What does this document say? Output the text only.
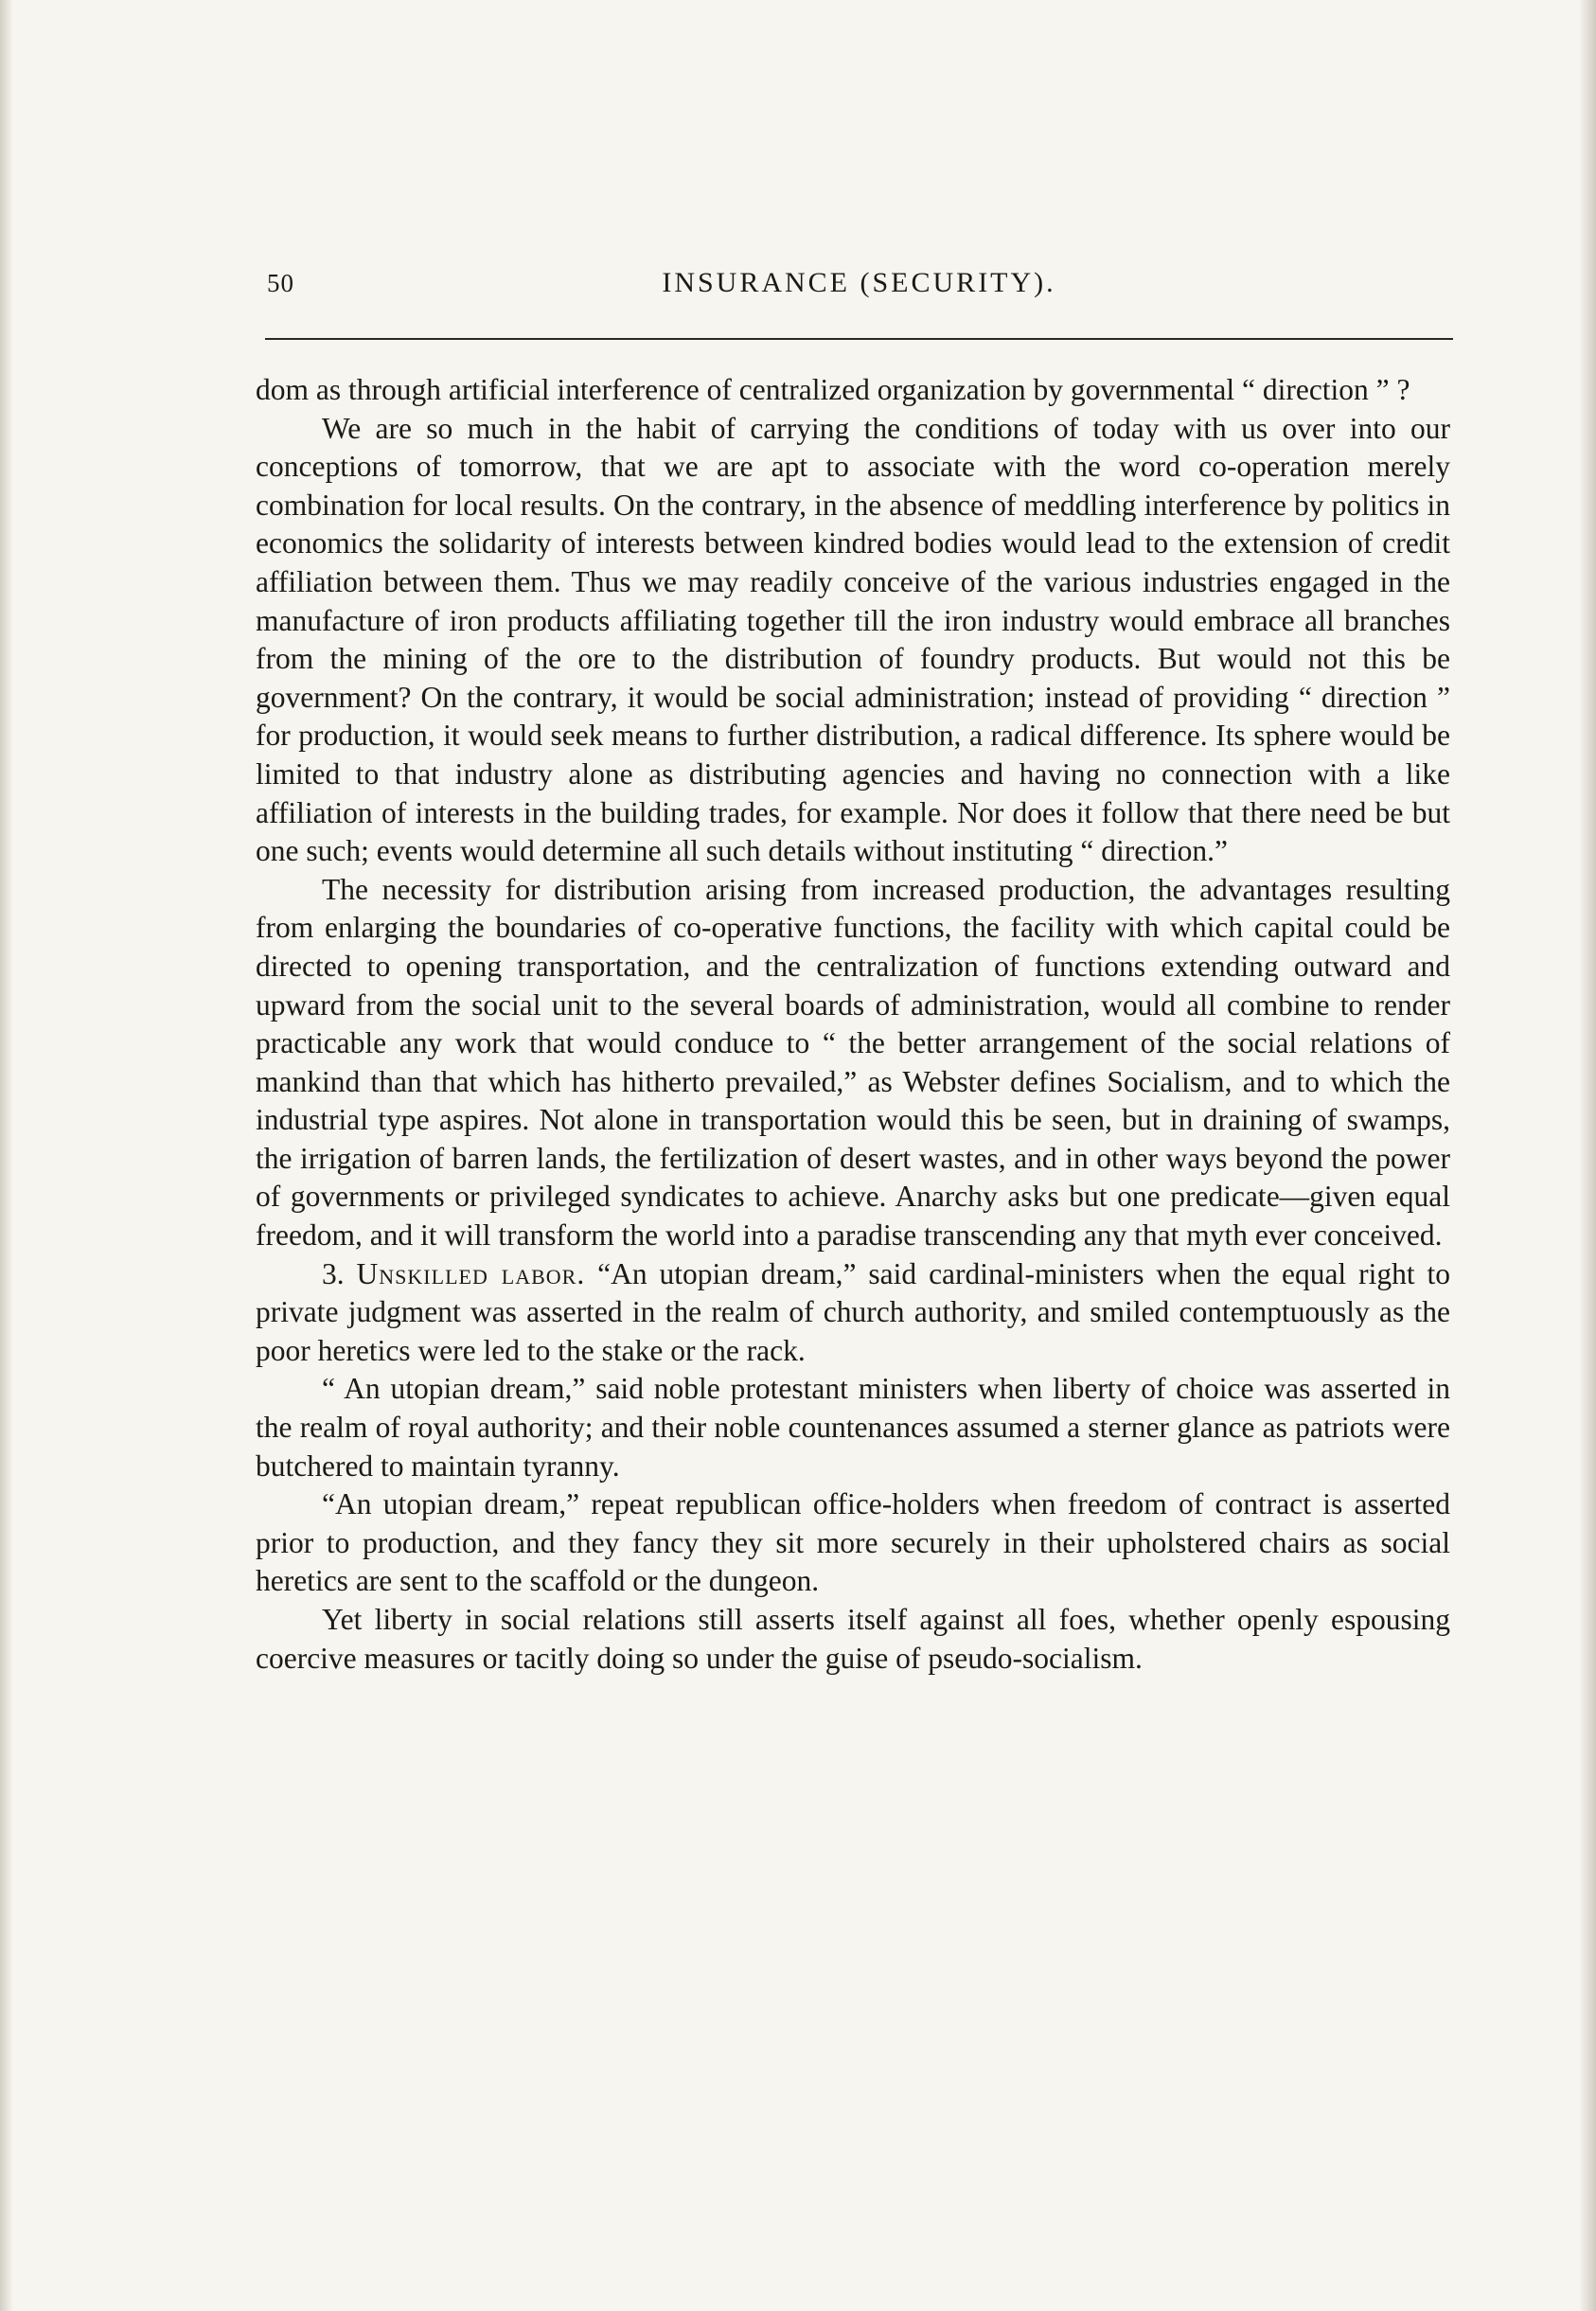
INSURANCE (SECURITY).
50

dom as through artificial interference of centralized organization by governmental “ direction ” ?

We are so much in the habit of carrying the conditions of today with us over into our conceptions of tomorrow, that we are apt to associate with the word co-operation merely combination for local results. On the contrary, in the absence of meddling interference by politics in economics the solidarity of interests between kindred bodies would lead to the extension of credit affiliation between them. Thus we may readily conceive of the various industries engaged in the manufacture of iron products affiliating together till the iron industry would embrace all branches from the mining of the ore to the distribution of foundry products. But would not this be government? On the contrary, it would be social administration; instead of providing “ direction ” for production, it would seek means to further distribution, a radical difference. Its sphere would be limited to that industry alone as distributing agencies and having no connection with a like affiliation of interests in the building trades, for example. Nor does it follow that there need be but one such; events would determine all such details without instituting “ direction.”

The necessity for distribution arising from increased production, the advantages resulting from enlarging the boundaries of co-operative functions, the facility with which capital could be directed to opening transportation, and the centralization of functions extending outward and upward from the social unit to the several boards of administration, would all combine to render practicable any work that would conduce to “ the better arrangement of the social relations of mankind than that which has hitherto prevailed,” as Webster defines Socialism, and to which the industrial type aspires. Not alone in transportation would this be seen, but in draining of swamps, the irrigation of barren lands, the fertilization of desert wastes, and in other ways beyond the power of governments or privileged syndicates to achieve. Anarchy asks but one predicate—given equal freedom, and it will transform the world into a paradise transcending any that myth ever conceived.

3. Unskilled labor. “An utopian dream,” said cardinal-ministers when the equal right to private judgment was asserted in the realm of church authority, and smiled contemptuously as the poor heretics were led to the stake or the rack.

“ An utopian dream,” said noble protestant ministers when liberty of choice was asserted in the realm of royal authority; and their noble countenances assumed a sterner glance as patriots were butchered to maintain tyranny.

“An utopian dream,” repeat republican office-holders when freedom of contract is asserted prior to production, and they fancy they sit more securely in their upholstered chairs as social heretics are sent to the scaffold or the dungeon.

Yet liberty in social relations still asserts itself against all foes, whether openly espousing coercive measures or tacitly doing so under the guise of pseudo-socialism.
